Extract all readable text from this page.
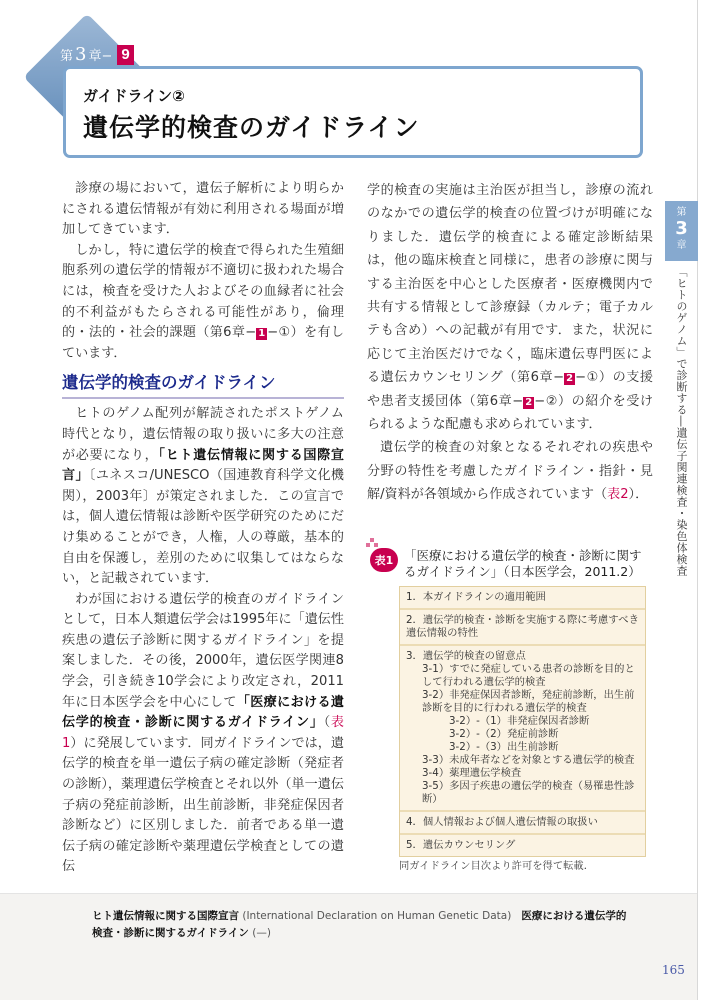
第 3 章− 9
ガイドライン②
遺伝学的検査のガイドライン

診療の場において，遺伝子解析により明らかにされる遺伝情報が有効に利用される場面が増加してきています．

しかし，特に遺伝学的検査で得られた生殖細胞系列の遺伝学的情報が不適切に扱われた場合には，検査を受けた人およびその血縁者に社会的不利益がもたらされる可能性があり，倫理的・法的・社会的課題（第6章− 1 −①）を有しています．

遺伝学的検査のガイドライン

ヒトのゲノム配列が解読されたポストゲノム時代となり，遺伝情報の取り扱いに多大の注意が必要になり，「ヒト遺伝情報に関する国際宣言」〔ユネスコ/UNESCO（国連教育科学文化機関），2003年〕が策定されました．この宣言では，個人遺伝情報は診断や医学研究のためにだけ集めることができ，人権，人の尊厳，基本的自由を保護し，差別のために収集してはならない，と記載されています．

わが国における遺伝学的検査のガイドラインとして，日本人類遺伝学会は1995年に「遺伝性疾患の遺伝子診断に関するガイドライン」を提案しました．その後，2000年，遺伝医学関連8学会，引き続き10学会により改定され，2011年に日本医学会を中心にして「医療における遺伝学的検査・診断に関するガイドライン」（表1）に発展しています．同ガイドラインでは，遺伝学的検査を単一遺伝子病の確定診断（発症者の診断），薬理遺伝学検査とそれ以外（単一遺伝子病の発症前診断，出生前診断，非発症保因者診断など）に区別しました．前者である単一遺伝子病の確定診断や薬理遺伝学検査としての遺伝

学的検査の実施は主治医が担当し，診療の流れのなかでの遺伝学的検査の位置づけが明確になりました．遺伝学的検査による確定診断結果は，他の臨床検査と同様に，患者の診療に関与する主治医を中心とした医療者・医療機関内で共有する情報として診療録（カルテ；電子カルテも含め）への記載が有用です．また，状況に応じて主治医だけでなく，臨床遺伝専門医による遺伝カウンセリング（第6章− 2 −①）の支援や患者支援団体（第6章− 2 −②）の紹介を受けられるような配慮も求められています．

遺伝学的検査の対象となるそれぞれの疾患や分野の特性を考慮したガイドライン・指針・見解/資料が各領域から作成されています（表2）．

第
3
章
「ヒトのゲノム」で診断する―遺伝子関連検査・染色体検査
表1 「医療における遺伝学的検査・診断に関するガイドライン」（日本医学会，2011.2）
1．本ガイドラインの適用範囲
2．遺伝学的検査・診断を実施する際に考慮すべき遺伝情報の特性
3．遺伝学的検査の留意点
3-1）すでに発症している患者の診断を目的として行われる遺伝学的検査
3-2）非発症保因者診断，発症前診断，出生前診断を目的に行われる遺伝学的検査
3-2）-（1）非発症保因者診断
3-2）-（2）発症前診断
3-2）-（3）出生前診断
3-3）未成年者などを対象とする遺伝学的検査
3-4）薬理遺伝学検査
3-5）多因子疾患の遺伝学的検査（易罹患性診断）
4．個人情報および個人遺伝情報の取扱い
5．遺伝カウンセリング
同ガイドライン目次より許可を得て転載．
ヒト遺伝情報に関する国際宣言 (International Declaration on Human Genetic Data) 医療における遺伝学的検査・診断に関するガイドライン (—)
165
